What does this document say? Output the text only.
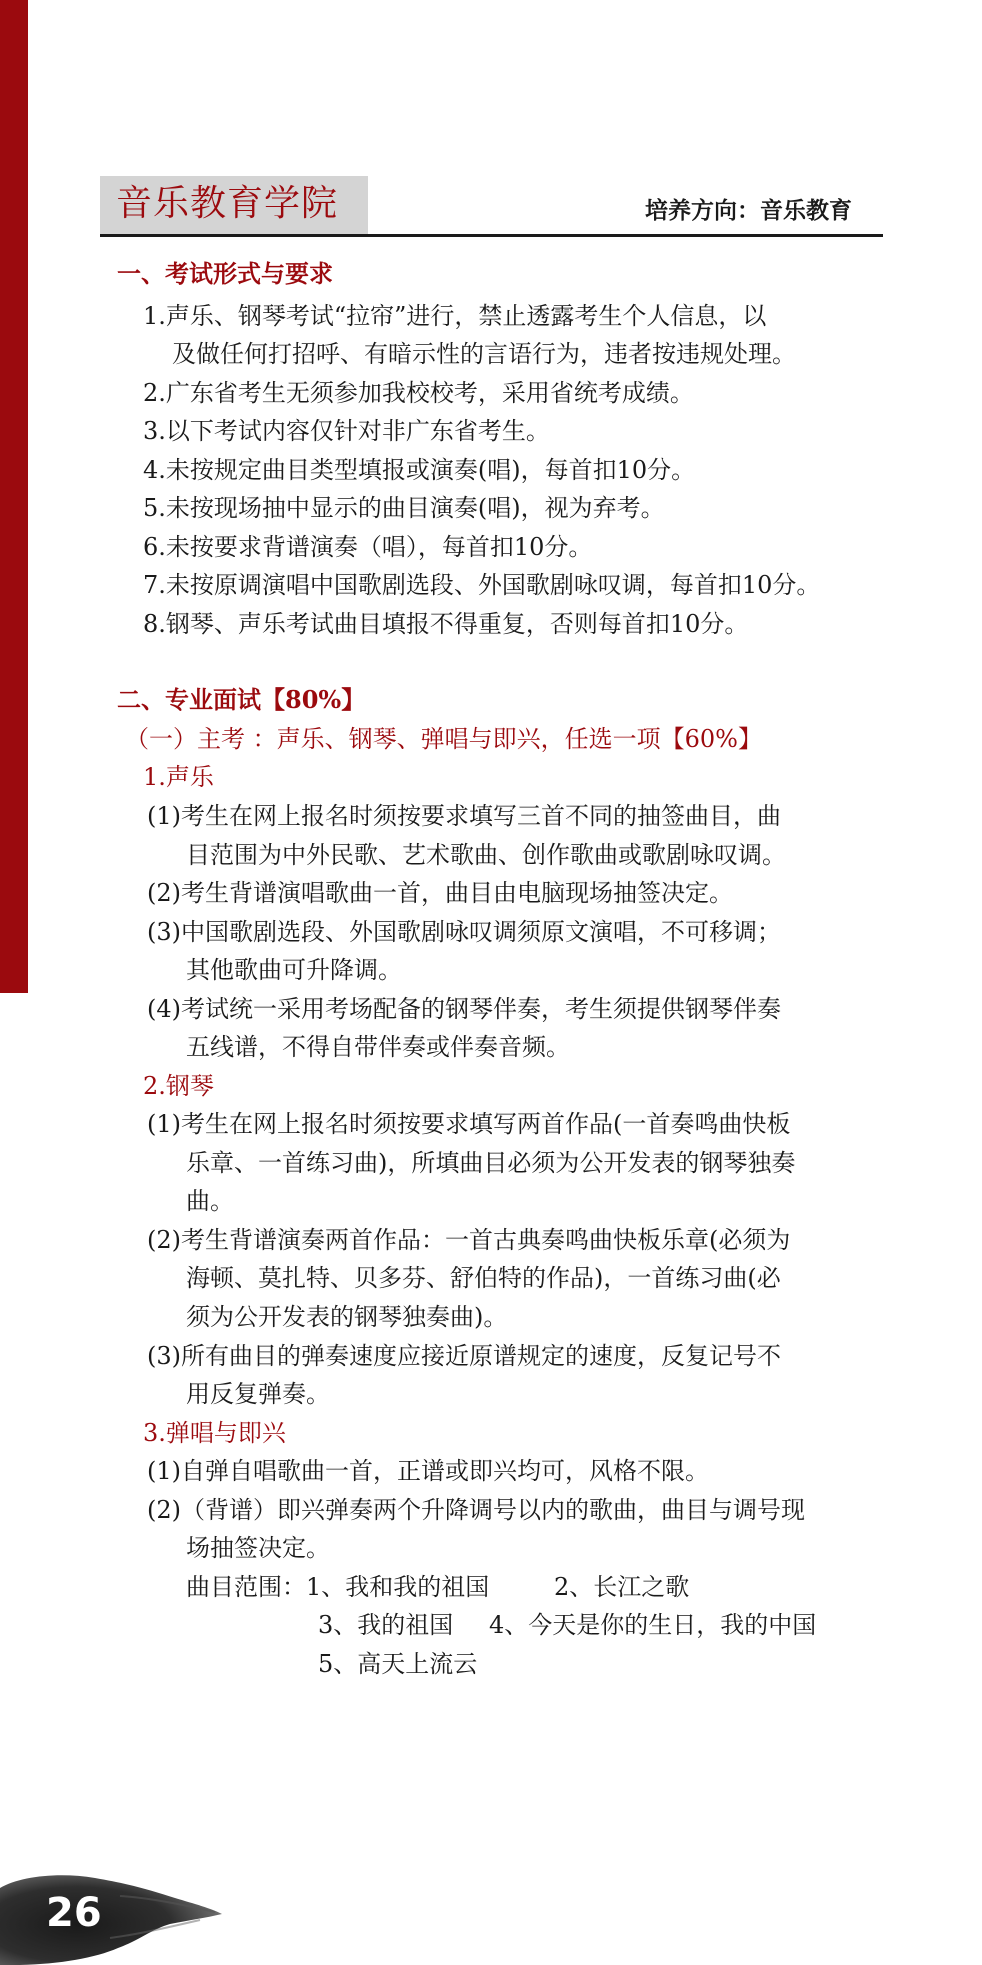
音乐教育学院	培养方向：音乐教育
一、考试形式与要求
1.声乐、钢琴考试“拉帘”进行，禁止透露考生个人信息，以
及做任何打招呼、有暗示性的言语行为，违者按违规处理。
2.广东省考生无须参加我校校考，采用省统考成绩。
3.以下考试内容仅针对非广东省考生。
4.未按规定曲目类型填报或演奏(唱)，每首扣10分。
5.未按现场抽中显示的曲目演奏(唱)，视为弃考。
6.未按要求背谱演奏（唱），每首扣10分。
7.未按原调演唱中国歌剧选段、外国歌剧咏叹调，每首扣10分。
8.钢琴、声乐考试曲目填报不得重复，否则每首扣10分。
二、专业面试【80%】
（一）主考 ：声乐、钢琴、弹唱与即兴，任选一项【60%】
1.声乐
(1)考生在网上报名时须按要求填写三首不同的抽签曲目，曲
目范围为中外民歌、艺术歌曲、创作歌曲或歌剧咏叹调。
(2)考生背谱演唱歌曲一首，曲目由电脑现场抽签决定。
(3)中国歌剧选段、外国歌剧咏叹调须原文演唱，不可移调；
其他歌曲可升降调。
(4)考试统一采用考场配备的钢琴伴奏，考生须提供钢琴伴奏
五线谱，不得自带伴奏或伴奏音频。
2.钢琴
(1)考生在网上报名时须按要求填写两首作品(一首奏鸣曲快板
乐章、一首练习曲)，所填曲目必须为公开发表的钢琴独奏
曲。
(2)考生背谱演奏两首作品：一首古典奏鸣曲快板乐章(必须为
海顿、莫扎特、贝多芬、舒伯特的作品)，一首练习曲(必
须为公开发表的钢琴独奏曲)。
(3)所有曲目的弹奏速度应接近原谱规定的速度，反复记号不
用反复弹奏。
3.弹唱与即兴
(1)自弹自唱歌曲一首，正谱或即兴均可，风格不限。
(2)（背谱）即兴弹奏两个升降调号以内的歌曲，曲目与调号现
场抽签决定。
曲目范围：1、我和我的祖国	2、长江之歌
3、我的祖国 4、今天是你的生日，我的中国
5、高天上流云
26
